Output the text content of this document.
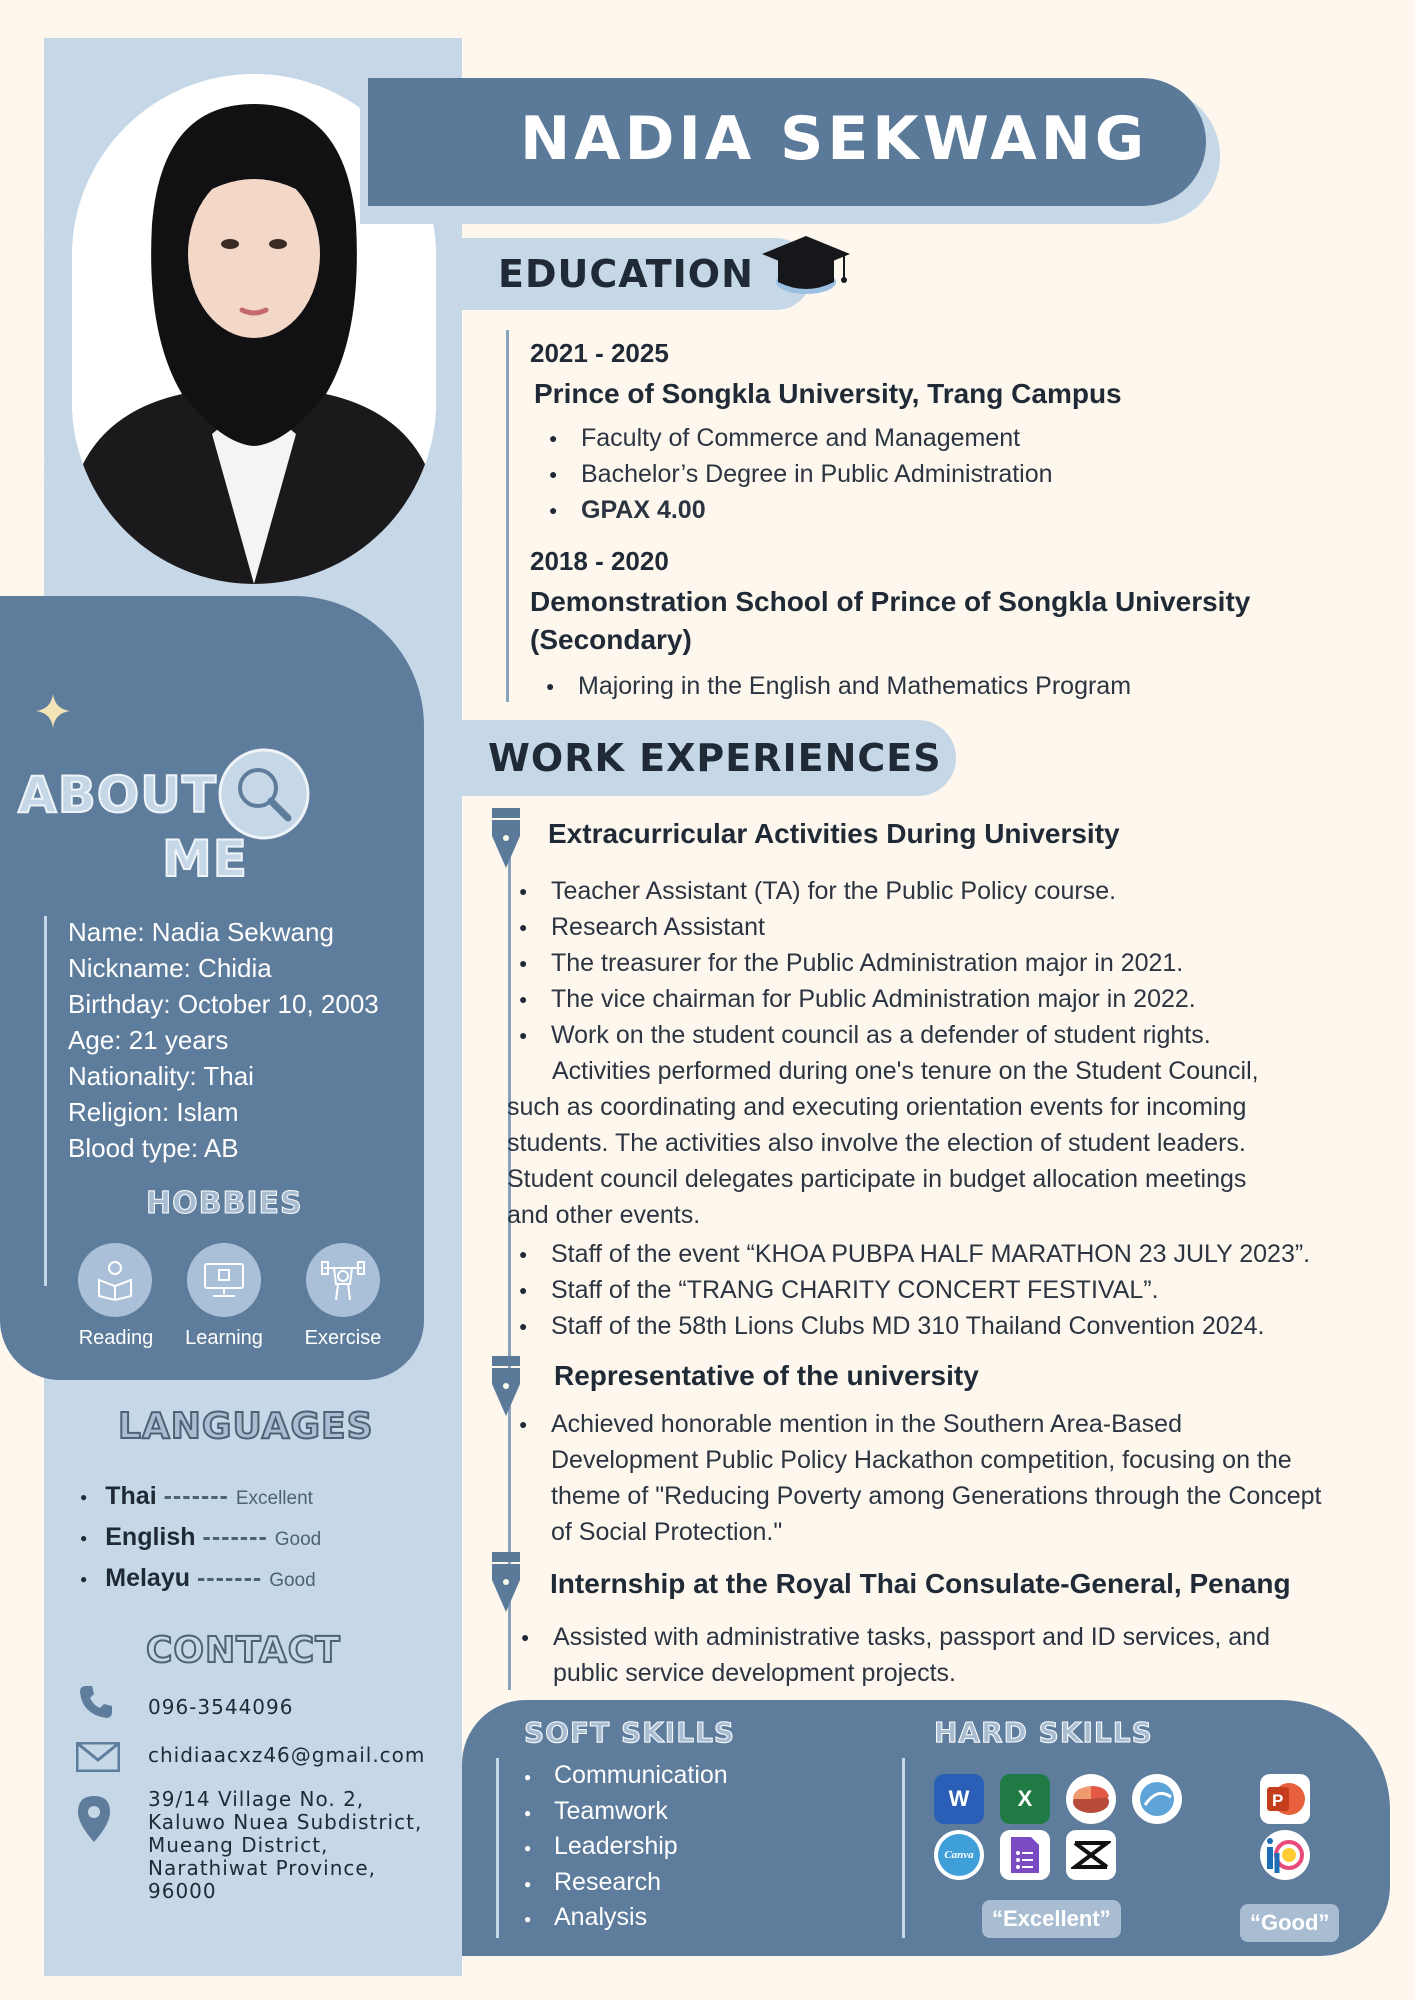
NADIA SEKWANG
EDUCATION
2021 - 2025
Prince of Songkla University, Trang Campus
● Faculty of Commerce and Management
● Bachelor’s Degree in Public Administration
● GPAX 4.00
2018 - 2020
Demonstration School of Prince of Songkla University
(Secondary)
● Majoring in the English and Mathematics Program
WORK EXPERIENCES
Extracurricular Activities During University
● Teacher Assistant (TA) for the Public Policy course.
● Research Assistant
● The treasurer for the Public Administration major in 2021.
● The vice chairman for Public Administration major in 2022.
● Work on the student council as a defender of student rights.
Activities performed during one's tenure on the Student Council,
such as coordinating and executing orientation events for incoming
students. The activities also involve the election of student leaders.
Student council delegates participate in budget allocation meetings
and other events.
● Staff of the event “KHOA PUBPA HALF MARATHON 23 JULY 2023”.
● Staff of the “TRANG CHARITY CONCERT FESTIVAL”.
● Staff of the 58th Lions Clubs MD 310 Thailand Convention 2024.
Representative of the university
● Achieved honorable mention in the Southern Area-Based
Development Public Policy Hackathon competition, focusing on the
theme of "Reducing Poverty among Generations through the Concept
of Social Protection."
Internship at the Royal Thai Consulate-General, Penang
● Assisted with administrative tasks, passport and ID services, and
public service development projects.
ABOUT
ME
Name: Nadia Sekwang
Nickname: Chidia
Birthday: October 10, 2003
Age: 21 years
Nationality: Thai
Religion: Islam
Blood type: AB
HOBBIES
Reading	Learning	Exercise
LANGUAGES
● Thai ------- Excellent
● English ------- Good
● Melayu ------- Good
CONTACT
096-3544096
chidiaacxz46@gmail.com
39/14 Village No. 2,
Kaluwo Nuea Subdistrict,
Mueang District,
Narathiwat Province,
96000
SOFT SKILLS
● Communication
● Teamwork
● Leadership
● Research
● Analysis
HARD SKILLS
W	X	P
Canva
“Excellent”	“Good”
